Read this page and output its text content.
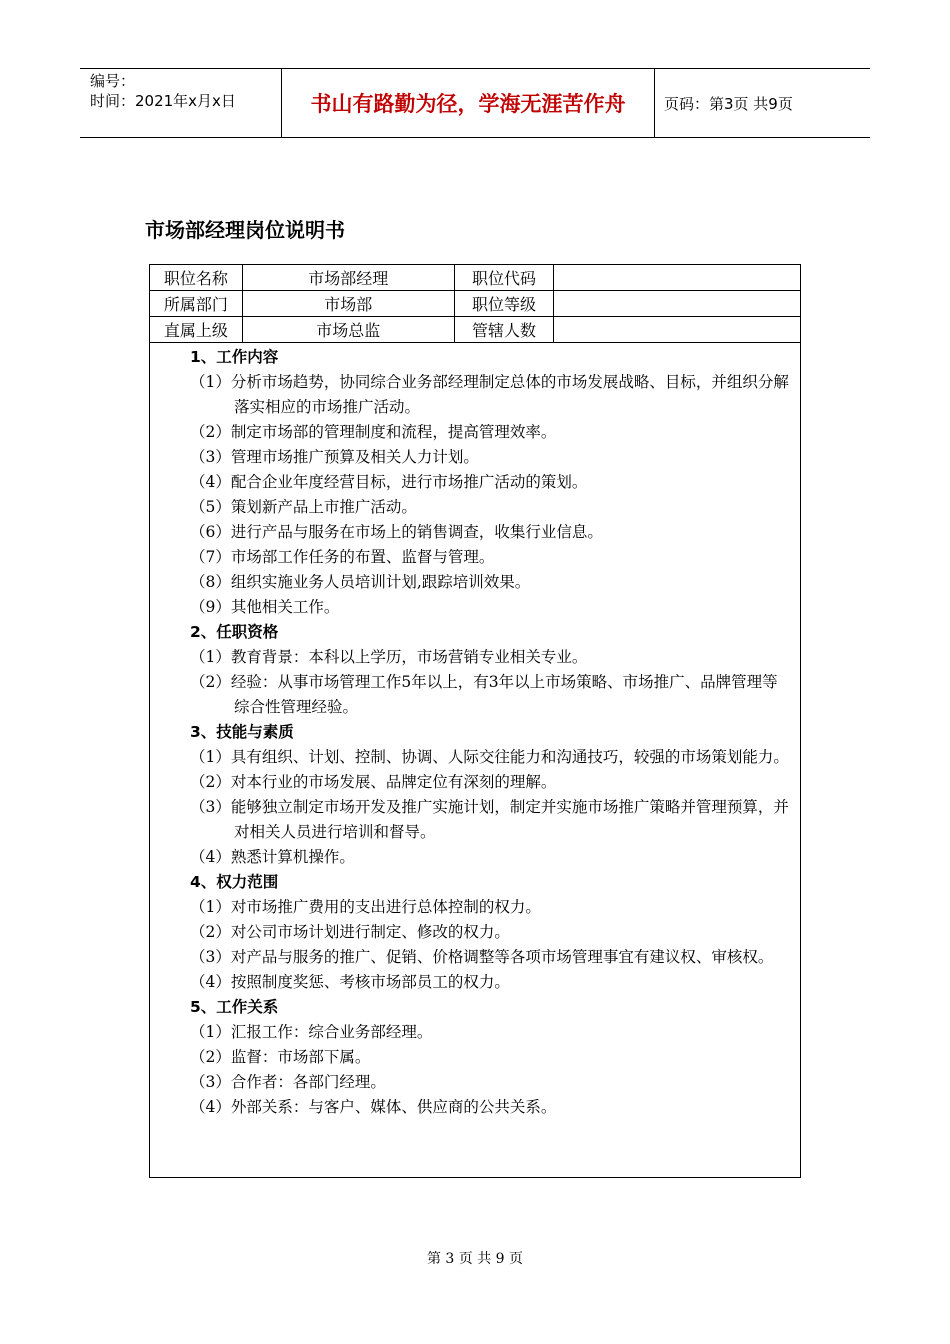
编号：
时间：2021年x月x日	书山有路勤为径，学海无涯苦作舟	页码：第3页 共9页
市场部经理岗位说明书
职位名称	市场部经理	职位代码	
所属部门	市场部	职位等级	
直属上级	市场总监	管辖人数	
1、工作内容
（1）分析市场趋势，协同综合业务部经理制定总体的市场发展战略、目标，并组织分解落实相应的市场推广活动。
（2）制定市场部的管理制度和流程，提高管理效率。
（3）管理市场推广预算及相关人力计划。
（4）配合企业年度经营目标，进行市场推广活动的策划。
（5）策划新产品上市推广活动。
（6）进行产品与服务在市场上的销售调查，收集行业信息。
（7）市场部工作任务的布置、监督与管理。
（8）组织实施业务人员培训计划,跟踪培训效果。
（9）其他相关工作。
2、任职资格
（1）教育背景：本科以上学历，市场营销专业相关专业。
（2）经验：从事市场管理工作5年以上，有3年以上市场策略、市场推广、品牌管理等综合性管理经验。
3、技能与素质
（1）具有组织、计划、控制、协调、人际交往能力和沟通技巧，较强的市场策划能力。
（2）对本行业的市场发展、品牌定位有深刻的理解。
（3）能够独立制定市场开发及推广实施计划，制定并实施市场推广策略并管理预算，并对相关人员进行培训和督导。
（4）熟悉计算机操作。
4、权力范围
（1）对市场推广费用的支出进行总体控制的权力。
（2）对公司市场计划进行制定、修改的权力。
（3）对产品与服务的推广、促销、价格调整等各项市场管理事宜有建议权、审核权。
（4）按照制度奖惩、考核市场部员工的权力。
5、工作关系
（1）汇报工作：综合业务部经理。
（2）监督：市场部下属。
（3）合作者：各部门经理。
（4）外部关系：与客户、媒体、供应商的公共关系。
第 3 页 共 9 页
